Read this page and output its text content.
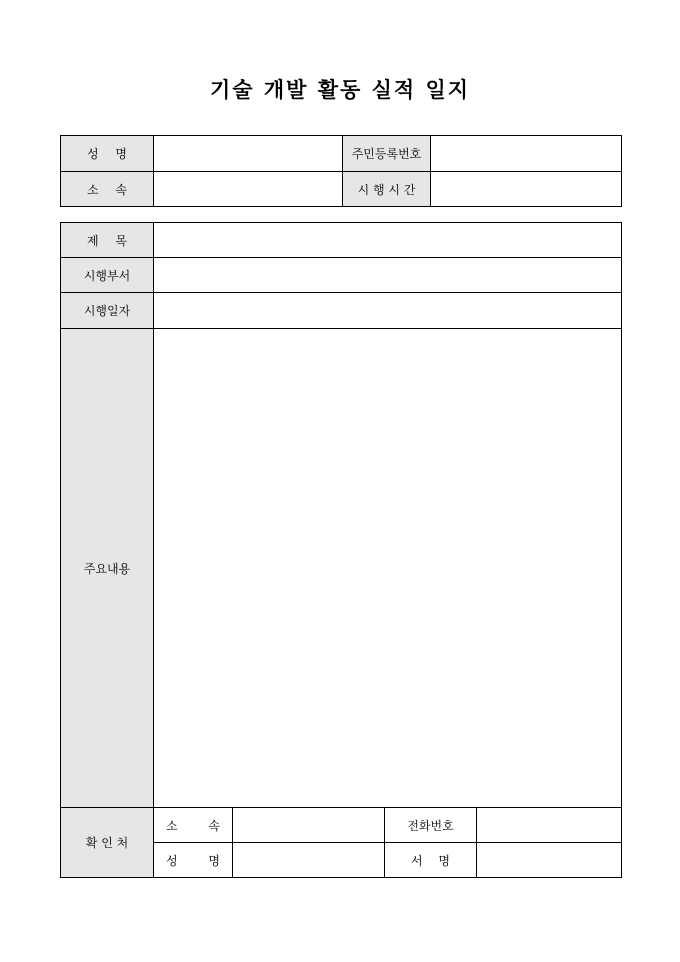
기술 개발 활동 실적 일지
성 명		주민등록번호	

소 속		시 행 시 간	
제 목				

시행부서				
시행일자				
주요내용				
확 인 처	소 속		전화번호	

	성 명		서 명	
